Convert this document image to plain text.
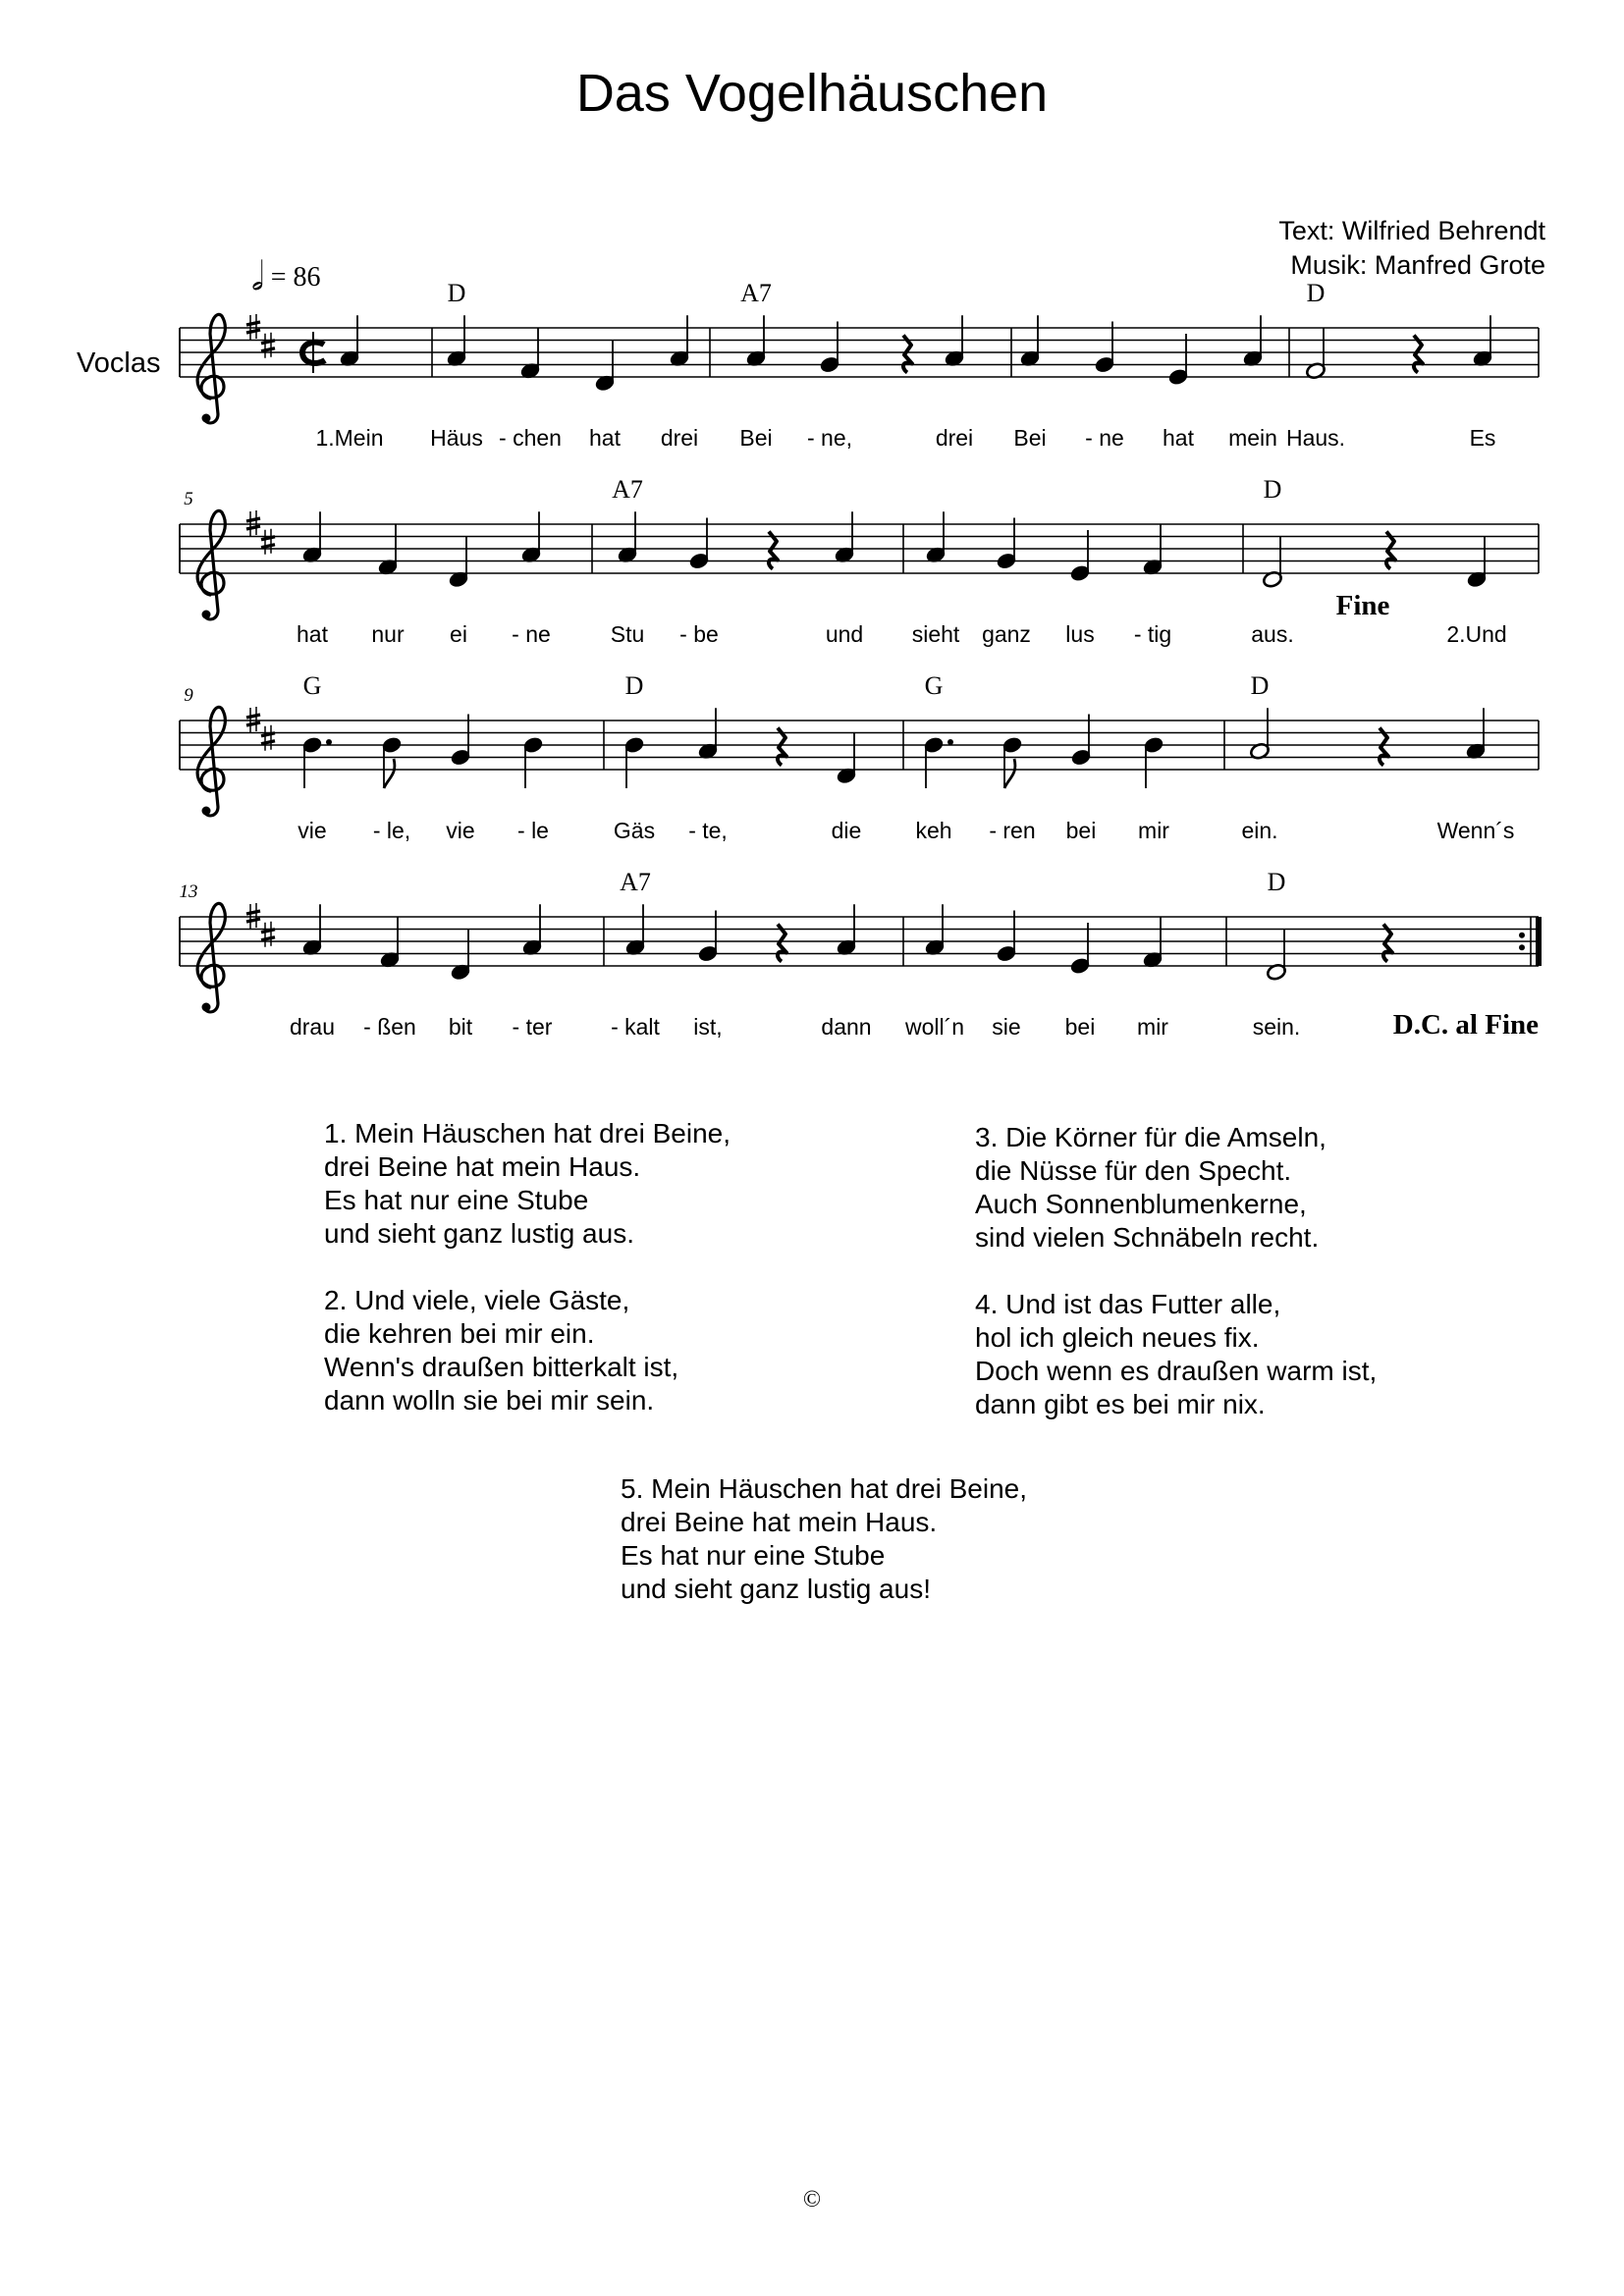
Das Vogelhäuschen
Text: Wilfried Behrendt
Musik: Manfred Grote
𝅗𝅥 = 86
Voclas
1.Mein
D
Häus - chen hat drei
A7
Bei - ne,	drei Bei - ne hat mein
D
Haus.	Es
5
hat nur ei - ne
A7
Stu - be	und sieht ganz lus - tig
D
aus.	2.Und
Fine
9	G
vie - le, vie - le
D
Gäs - te,	die
G
keh - ren bei mir
D
ein.	Wenn´s
13
drau - ßen bit - ter
A7
- kalt ist,	dann woll´n sie bei mir
D
sein.	D.C. al Fine
1. Mein Häuschen hat drei Beine,
drei Beine hat mein Haus.
Es hat nur eine Stube
und sieht ganz lustig aus.
2. Und viele, viele Gäste,
die kehren bei mir ein.
Wenn's draußen bitterkalt ist,
dann wolln sie bei mir sein.
3. Die Körner für die Amseln,
die Nüsse für den Specht.
Auch Sonnenblumenkerne,
sind vielen Schnäbeln recht.
4. Und ist das Futter alle,
hol ich gleich neues fix.
Doch wenn es draußen warm ist,
dann gibt es bei mir nix.
5. Mein Häuschen hat drei Beine,
drei Beine hat mein Haus.
Es hat nur eine Stube
und sieht ganz lustig aus!
©
